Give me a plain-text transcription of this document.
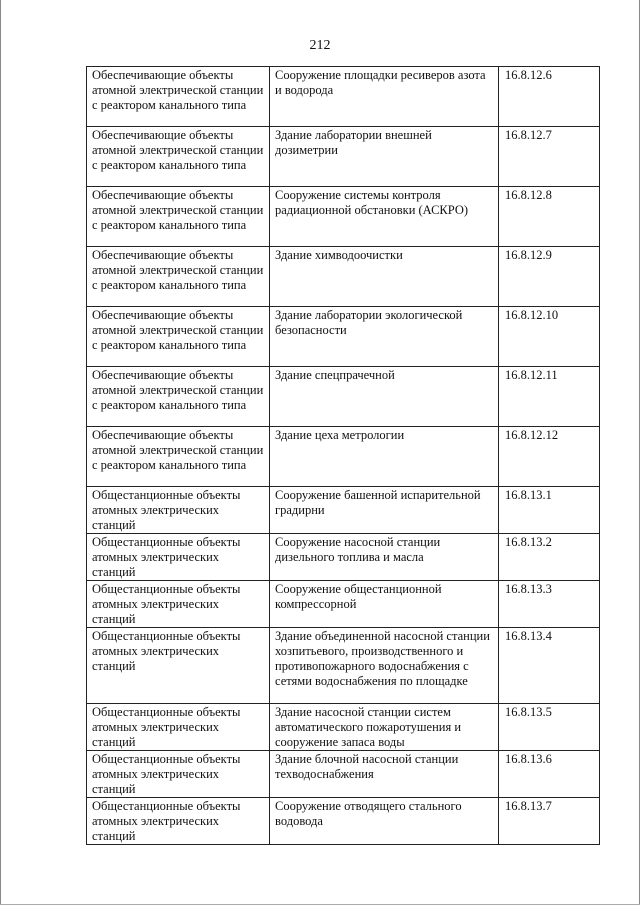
212
Обеспечивающие объекты атомной электрической станции с реактором канального типа	Сооружение площадки ресиверов азота и водорода	16.8.12.6
Обеспечивающие объекты атомной электрической станции с реактором канального типа	Здание лаборатории внешней дозиметрии	16.8.12.7
Обеспечивающие объекты атомной электрической станции с реактором канального типа	Сооружение системы контроля радиационной обстановки (АСКРО)	16.8.12.8
Обеспечивающие объекты атомной электрической станции с реактором канального типа	Здание химводоочистки	16.8.12.9
Обеспечивающие объекты атомной электрической станции с реактором канального типа	Здание лаборатории экологической безопасности	16.8.12.10
Обеспечивающие объекты атомной электрической станции с реактором канального типа	Здание спецпрачечной	16.8.12.11
Обеспечивающие объекты атомной электрической станции с реактором канального типа	Здание цеха метрологии	16.8.12.12
Общестанционные объекты атомных электрических станций	Сооружение башенной испарительной градирни	16.8.13.1
Общестанционные объекты атомных электрических станций	Сооружение насосной станции дизельного топлива и масла	16.8.13.2
Общестанционные объекты атомных электрических станций	Сооружение общестанционной компрессорной	16.8.13.3
Общестанционные объекты атомных электрических станций	Здание объединенной насосной станции хозпитьевого, производственного и противопожарного водоснабжения с сетями водоснабжения по площадке	16.8.13.4
Общестанционные объекты атомных электрических станций	Здание насосной станции систем автоматического пожаротушения и сооружение запаса воды	16.8.13.5
Общестанционные объекты атомных электрических станций	Здание блочной насосной станции техводоснабжения	16.8.13.6
Общестанционные объекты атомных электрических станций	Сооружение отводящего стального водовода	16.8.13.7
